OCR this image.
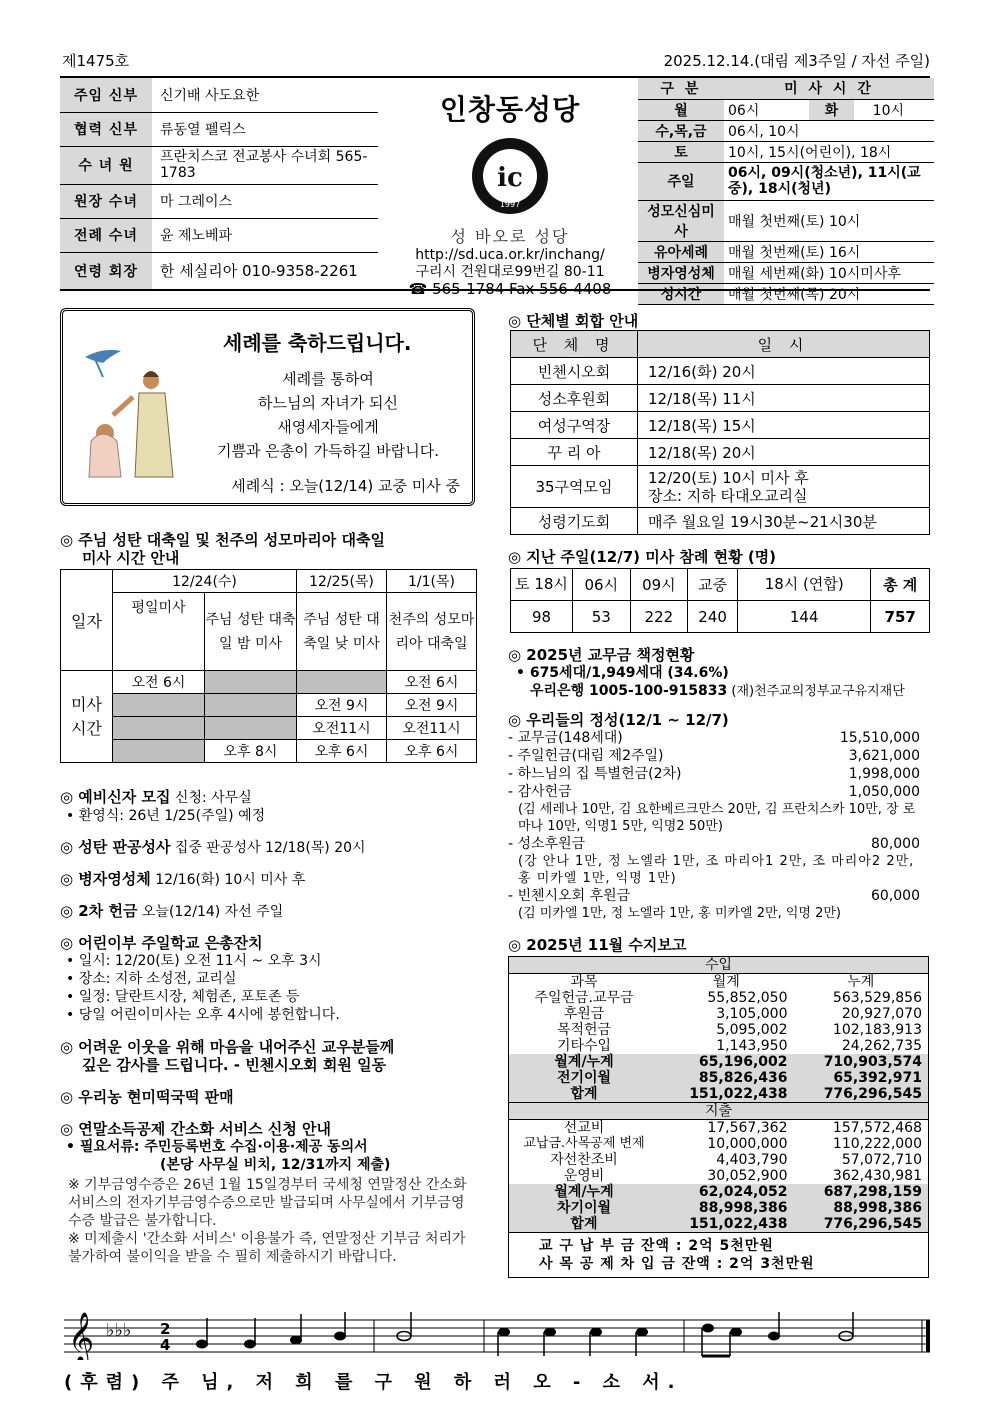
제1475호	2025.12.14.(대림 제3주일 / 자선 주일)
주임 신부	신기배 사도요한
협력 신부	류동열 펠릭스
수 녀 원	프란치스코 전교봉사 수녀회 565-1783
원장 수녀	마 그레이스
전례 수녀	윤 제노베파
연령 회장	한 세실리아 010-9358-2261
인창동성당
ic
1997
성 바오로 성당
http://sd.uca.or.kr/inchang/
구리시 건원대로99번길 80-11
☎ 565-1784 Fax 556-4408
구 분	미 사 시 간		
월	06시	화	10시
수,목,금	06시, 10시		
토	10시, 15시(어린이), 18시		
주일	06시, 09시(청소년), 11시(교중), 18시(청년)		
성모신심미사	매월 첫번째(토) 10시		
유아세례	매월 첫번째(토) 16시		
병자영성체	매월 세번째(화) 10시미사후		
성시간	매월 첫번째(목) 20시		
세례를 축하드립니다.
세례를 통하여
하느님의 자녀가 되신
새영세자들에게
기쁨과 은총이 가득하길 바랍니다.
세례식 : 오늘(12/14) 교중 미사 중
◎ 주님 성탄 대축일 및 천주의 성모마리아 대축일
미사 시간 안내
일자	12/24(수)		12/25(목)	1/1(목)
	평일미사	주님 성탄 대축일 밤 미사	주님 성탄 대축일 낮 미사	천주의 성모마리아 대축일
미사 시간	오전 6시			오전 6시
			오전 9시	오전 9시
			오전11시	오전11시
		오후 8시	오후 6시	오후 6시
◎ 예비신자 모집 신청: 사무실
• 환영식: 26년 1/25(주일) 예정
◎ 성탄 판공성사 집중 판공성사 12/18(목) 20시
◎ 병자영성체 12/16(화) 10시 미사 후
◎ 2차 헌금 오늘(12/14) 자선 주일
◎ 어린이부 주일학교 은총잔치
• 일시: 12/20(토) 오전 11시 ~ 오후 3시
• 장소: 지하 소성전, 교리실
• 일정: 달란트시장, 체험존, 포토존 등
• 당일 어린이미사는 오후 4시에 봉헌합니다.
◎ 어려운 이웃을 위해 마음을 내어주신 교우분들께
깊은 감사를 드립니다. - 빈첸시오회 회원 일동
◎ 우리농 현미떡국떡 판매
◎ 연말소득공제 간소화 서비스 신청 안내
• 필요서류: 주민등록번호 수집·이용·제공 동의서
(본당 사무실 비치, 12/31까지 제출)
※ 기부금영수증은 26년 1월 15일경부터 국세청 연말정산 간소화 서비스의 전자기부금영수증으로만 발급되며 사무실에서 기부금영수증 발급은 불가합니다.
※ 미제출시 '간소화 서비스' 이용불가 즉, 연말정산 기부금 처리가 불가하여 불이익을 받을 수 필히 제출하시기 바랍니다.
◎ 단체별 회합 안내
단 체 명	일 시
빈첸시오회	12/16(화) 20시
성소후원회	12/18(목) 11시
여성구역장	12/18(목) 15시
꾸 리 아	12/18(목) 20시
35구역모임	12/20(토) 10시 미사 후
장소: 지하 타대오교리실

성령기도회	매주 월요일 19시30분~21시30분
◎ 지난 주일(12/7) 미사 참례 현황 (명)
토 18시	06시	09시	교중	18시 (연합)	총 계
98	53	222	240	144	757
◎ 2025년 교무금 책정현황
• 675세대/1,949세대 (34.6%)
우리은행 1005-100-915833 (재)천주교의정부교구유지재단
◎ 우리들의 정성(12/1 ~ 12/7)
- 교무금(148세대)	15,510,000
- 주일헌금(대림 제2주일)	3,621,000
- 하느님의 집 특별헌금(2차)	1,998,000
- 감사헌금	1,050,000
(김 세레나 10만, 김 요한베르크만스 20만, 김 프란치스카 10만, 장 로마나 10만, 익명1 5만, 익명2 50만)
- 성소후원금	80,000
(강 안나 1만, 정 노엘라 1만, 조 마리아1 2만, 조 마리아2 2만, 홍 미카엘 1만, 익명 1만)
- 빈첸시오회 후원금	60,000
(김 미카엘 1만, 정 노엘라 1만, 홍 미카엘 2만, 익명 2만)
◎ 2025년 11월 수지보고
수입		
과목	월계	누계
주일헌금.교무금	55,852,050	563,529,856
후원금	3,105,000	20,927,070
목적헌금	5,095,002	102,183,913
기타수입	1,143,950	24,262,735
월계/누계	65,196,002	710,903,574
전기이월	85,826,436	65,392,971
합계	151,022,438	776,296,545
지출		
선교비	17,567,362	157,572,468
교납금.사목공제 변제	10,000,000	110,222,000
자선찬조비	4,403,790	57,072,710
운영비	30,052,900	362,430,981
월계/누계	62,024,052	687,298,159
차기이월	88,998,386	88,998,386
합계	151,022,438	776,296,545
교 구 납 부 금 잔액 : 2억 5천만원
사 목 공 제 차 입 금 잔액 : 2억 3천만원
𝄞 ♭♭♭ 2
4
(후렴) 주 님, 저 희 를 구 원 하 러 오 - 소 서.
